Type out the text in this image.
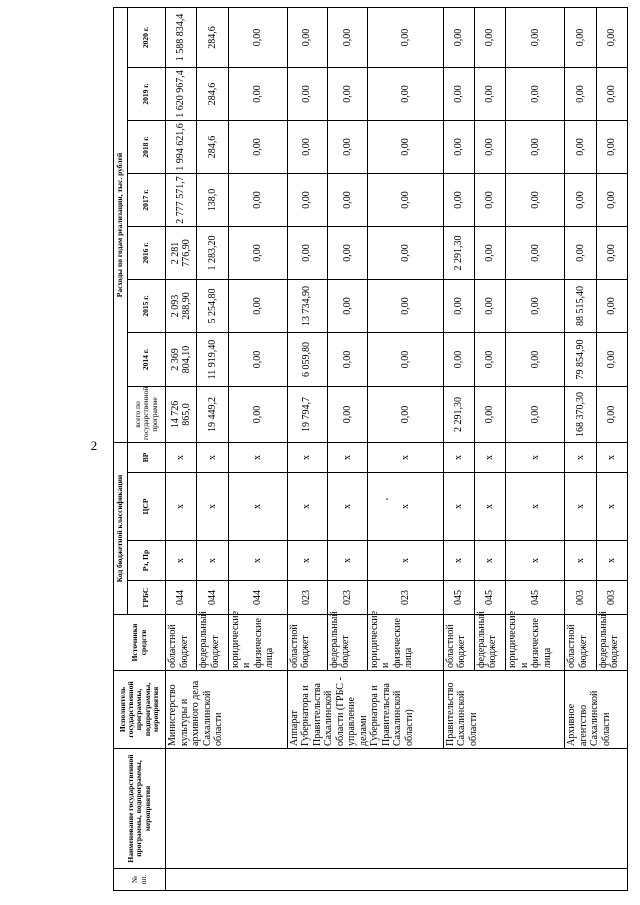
2
№ пп.	Наименование государственной программы, подпрограммы, мероприятия	Исполнитель государственной программы, подпрограммы, мероприятия	Источники средств	Код бюджетной классификации				Расходы по годам реализации, тыс. рублей							
				ГРБС	Рз, Пр	ЦСР	ВР	всего по государственной программе	2014 г.	2015 г.	2016 г.	2017 г.	2018 г.	2019 г.	2020 г.
		Министерство культуры и архивного дела Сахалинской области	областной бюджет	044	х	х	х	14 726 865,0	2 369 804,10	2 093 288,90	2 281 776,90	2 777 571,7	1 994 621,6	1 620 967,4	1 588 834,4
			федеральный бюджет	044	х	х	х	19 449,2	11 919,40	5 254,80	1 283,20	138,0	284,6	284,6	284,6
			юридические и физические лица	044	х	х	х	0,00	0,00	0,00	0,00	0,00	0,00	0,00	0,00
		Аппарат Губернатора и Правительства Сахалинской области (ГРБС - управление делами Губернатора и Правительства Сахалинской области)	областной бюджет	023	х	х	х	19 794,7	6 059,80	13 734,90	0,00	0,00	0,00	0,00	0,00
			федеральный бюджет	023	х	х	х	0,00	0,00	0,00	0,00	0,00	0,00	0,00	0,00
			юридические и физические лица	023	х	х	х	0,00	0,00	0,00	0,00	0,00	0,00	0,00	0,00
		Правительство Сахалинской области	областной бюджет	045	х	х	х	2 291,30	0,00	0,00	2 291,30	0,00	0,00	0,00	0,00
			федеральный бюджет	045	х	х	х	0,00	0,00	0,00	0,00	0,00	0,00	0,00	0,00
			юридические и физические лица	045	х	х	х	0,00	0,00	0,00	0,00	0,00	0,00	0,00	0,00
		Архивное агентство Сахалинской области	областной бюджет	003	х	х	х	168 370,30	79 854,90	88 515,40	0,00	0,00	0,00	0,00	0,00
			федеральный бюджет	003	х	х	х	0,00	0,00	0,00	0,00	0,00	0,00	0,00	0,00
